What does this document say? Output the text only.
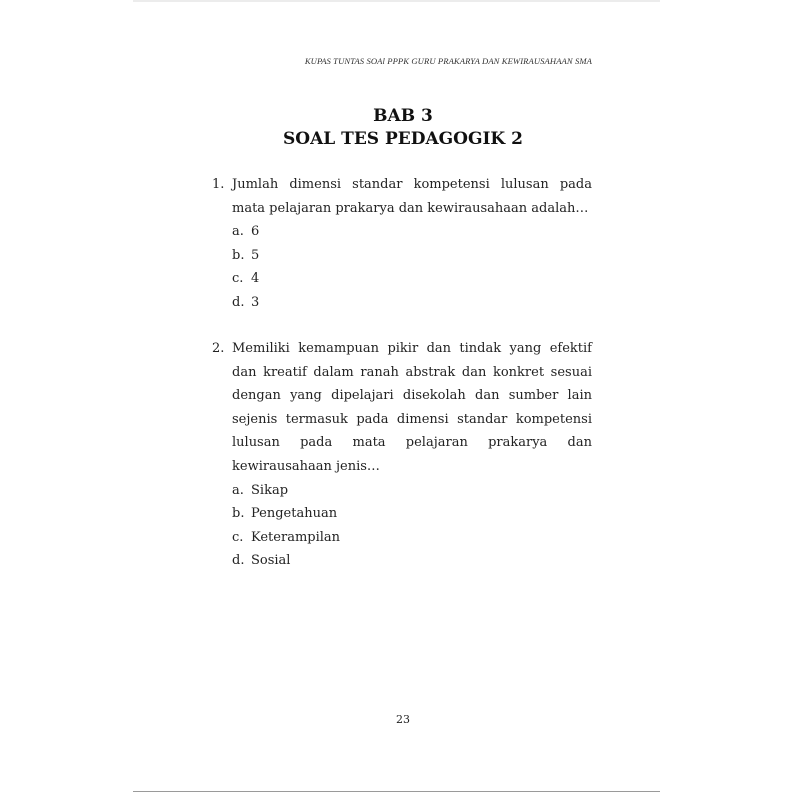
KUPAS TUNTAS SOAl PPPK GURU PRAKARYA DAN KEWIRAUSAHAAN SMA
BAB 3
SOAL TES PEDAGOGIK 2
1. Jumlah dimensi standar kompetensi lulusan pada mata pelajaran prakarya dan kewirausahaan adalah…
a. 6
b. 5
c. 4
d. 3
2. Memiliki kemampuan pikir dan tindak yang efektif dan kreatif dalam ranah abstrak dan konkret sesuai dengan yang dipelajari disekolah dan sumber lain sejenis termasuk pada dimensi standar kompetensi lulusan pada mata pelajaran prakarya dan kewirausahaan jenis…
a. Sikap
b. Pengetahuan
c. Keterampilan
d. Sosial
23
